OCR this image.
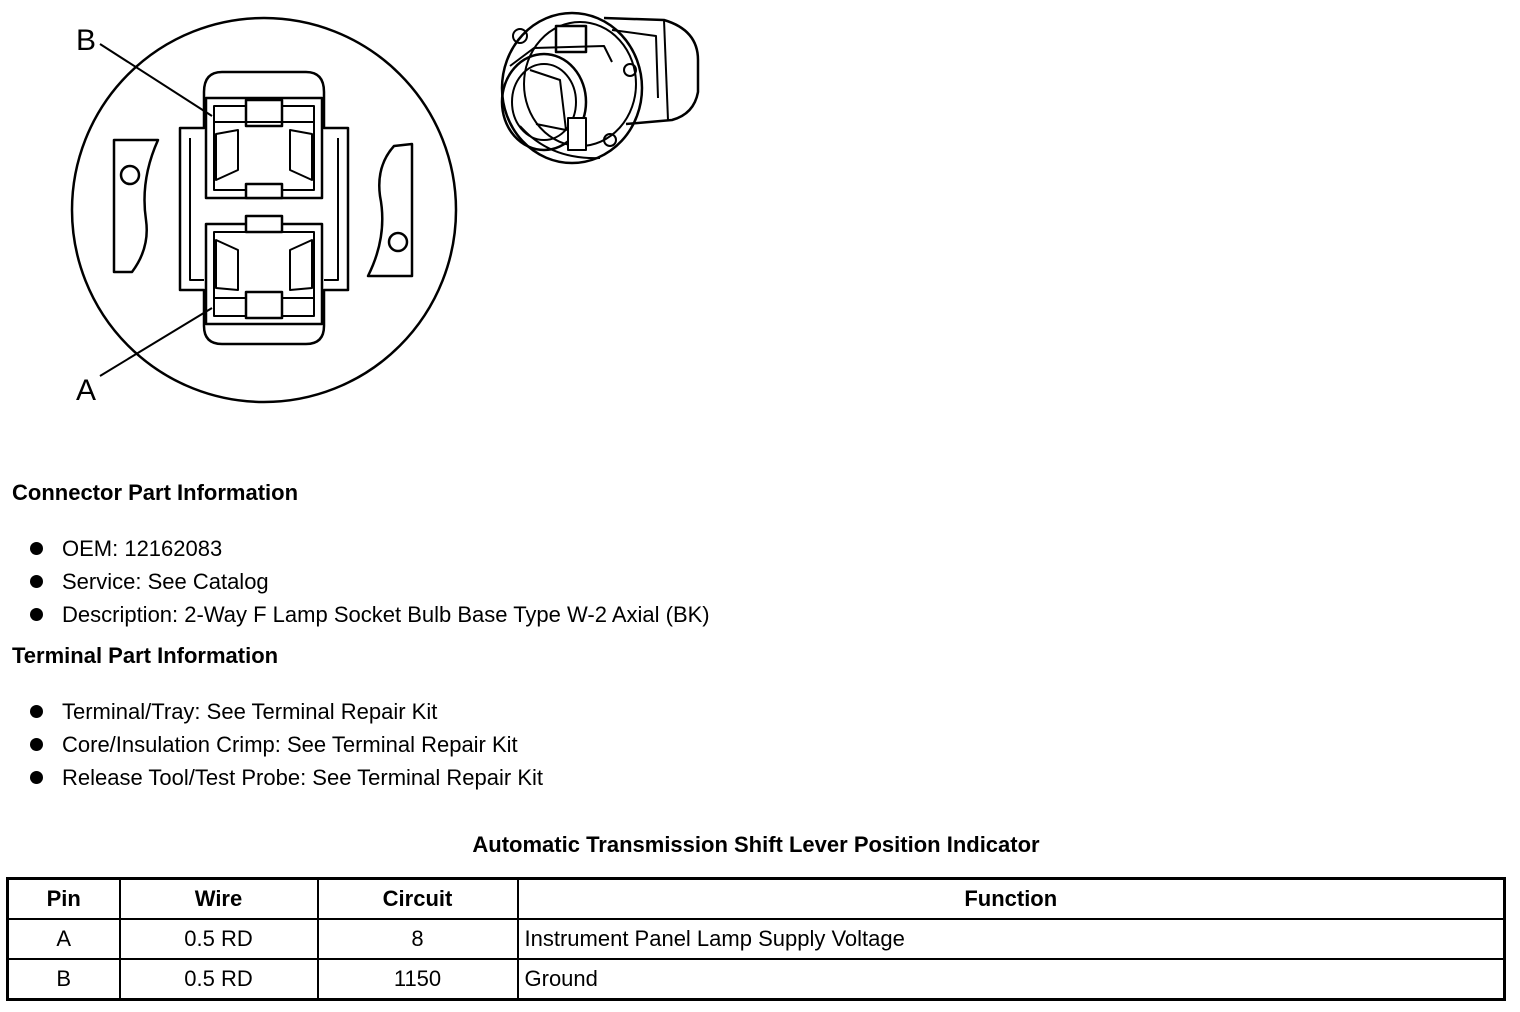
B
A
Connector Part Information
OEM: 12162083
Service: See Catalog
Description: 2-Way F Lamp Socket Bulb Base Type W-2 Axial (BK)
Terminal Part Information
Terminal/Tray: See Terminal Repair Kit
Core/Insulation Crimp: See Terminal Repair Kit
Release Tool/Test Probe: See Terminal Repair Kit
Automatic Transmission Shift Lever Position Indicator
Pin	Wire	Circuit	Function
A	0.5 RD	8	Instrument Panel Lamp Supply Voltage
B	0.5 RD	1150	Ground
